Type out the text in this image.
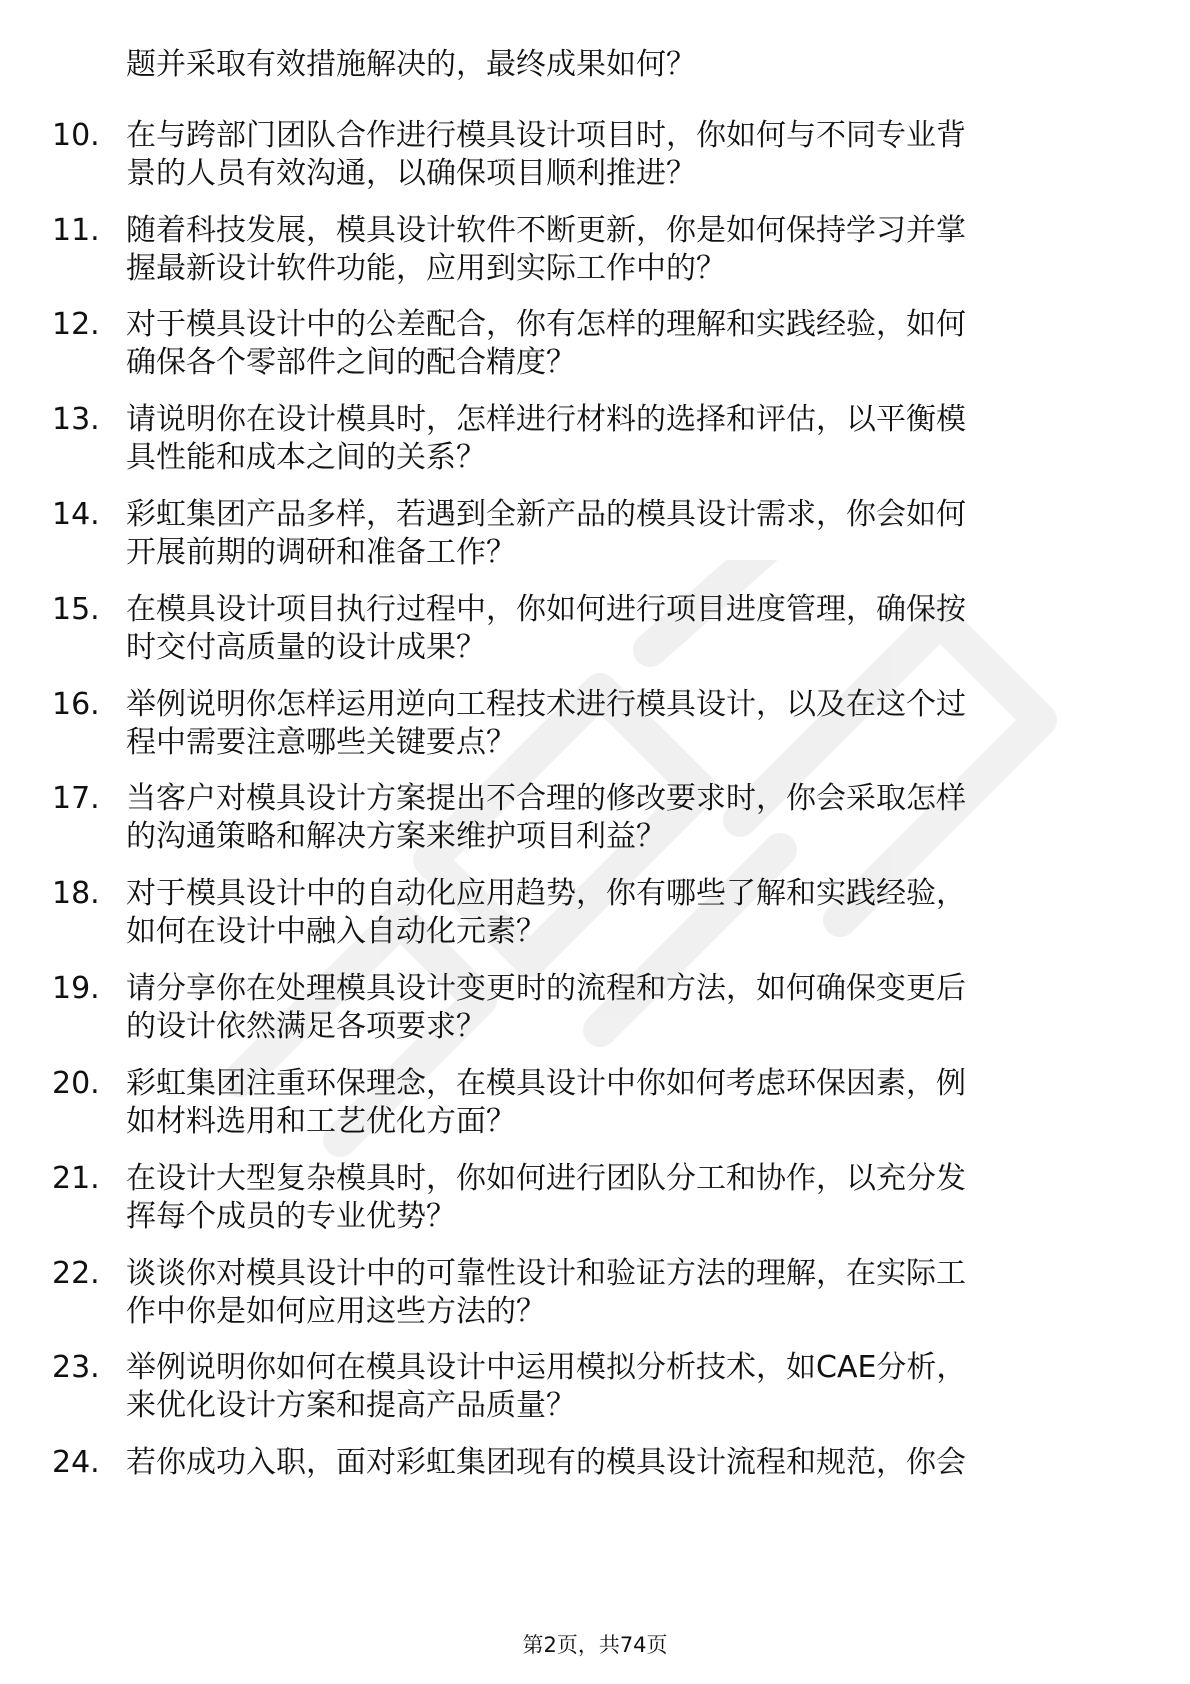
题并采取有效措施解决的，最终成果如何？
10. 在与跨部门团队合作进行模具设计项目时，你如何与不同专业背
景的人员有效沟通，以确保项目顺利推进？
11. 随着科技发展，模具设计软件不断更新，你是如何保持学习并掌
握最新设计软件功能，应用到实际工作中的？
12. 对于模具设计中的公差配合，你有怎样的理解和实践经验，如何
确保各个零部件之间的配合精度？
13. 请说明你在设计模具时，怎样进行材料的选择和评估，以平衡模
具性能和成本之间的关系？
14. 彩虹集团产品多样，若遇到全新产品的模具设计需求，你会如何
开展前期的调研和准备工作？
15. 在模具设计项目执行过程中，你如何进行项目进度管理，确保按
时交付高质量的设计成果？
16. 举例说明你怎样运用逆向工程技术进行模具设计，以及在这个过
程中需要注意哪些关键要点？
17. 当客户对模具设计方案提出不合理的修改要求时，你会采取怎样
的沟通策略和解决方案来维护项目利益？
18. 对于模具设计中的自动化应用趋势，你有哪些了解和实践经验，
如何在设计中融入自动化元素？
19. 请分享你在处理模具设计变更时的流程和方法，如何确保变更后
的设计依然满足各项要求？
20. 彩虹集团注重环保理念，在模具设计中你如何考虑环保因素，例
如材料选用和工艺优化方面？
21. 在设计大型复杂模具时，你如何进行团队分工和协作，以充分发
挥每个成员的专业优势？
22. 谈谈你对模具设计中的可靠性设计和验证方法的理解，在实际工
作中你是如何应用这些方法的？
23. 举例说明你如何在模具设计中运用模拟分析技术，如CAE分析，
来优化设计方案和提高产品质量？
24. 若你成功入职，面对彩虹集团现有的模具设计流程和规范，你会
第2页，共74页
